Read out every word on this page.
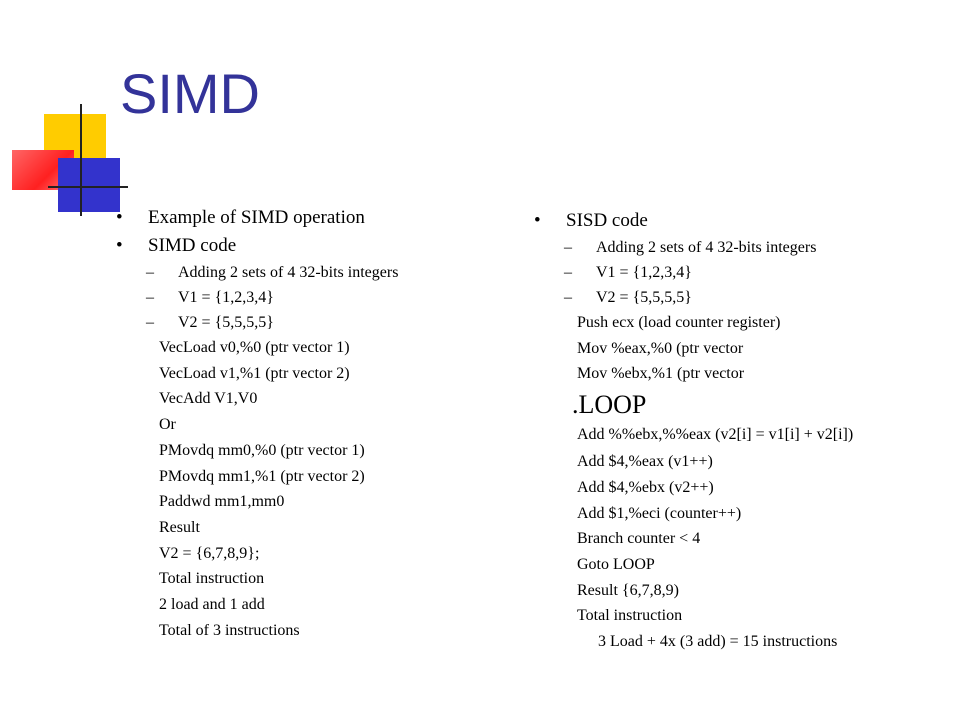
SIMD
• Example of SIMD operation
• SIMD code
– Adding 2 sets of 4 32-bits integers
– V1 = {1,2,3,4}
– V2 = {5,5,5,5}
VecLoad v0,%0 (ptr vector 1)
VecLoad v1,%1 (ptr vector 2)
VecAdd V1,V0
Or
PMovdq mm0,%0 (ptr vector 1)
PMovdq mm1,%1 (ptr vector 2)
Paddwd mm1,mm0
Result
V2 = {6,7,8,9};
Total instruction
2 load and 1 add
Total of 3 instructions
• SISD code
– Adding 2 sets of 4 32-bits integers
– V1 = {1,2,3,4}
– V2 = {5,5,5,5}
Push ecx (load counter register)
Mov %eax,%0 (ptr vector
Mov %ebx,%1 (ptr vector
.LOOP
Add %%ebx,%%eax (v2[i] = v1[i] + v2[i])
Add $4,%eax (v1++)
Add $4,%ebx (v2++)
Add $1,%eci (counter++)
Branch counter < 4
Goto LOOP
Result {6,7,8,9)
Total instruction
3 Load + 4x (3 add) = 15 instructions
